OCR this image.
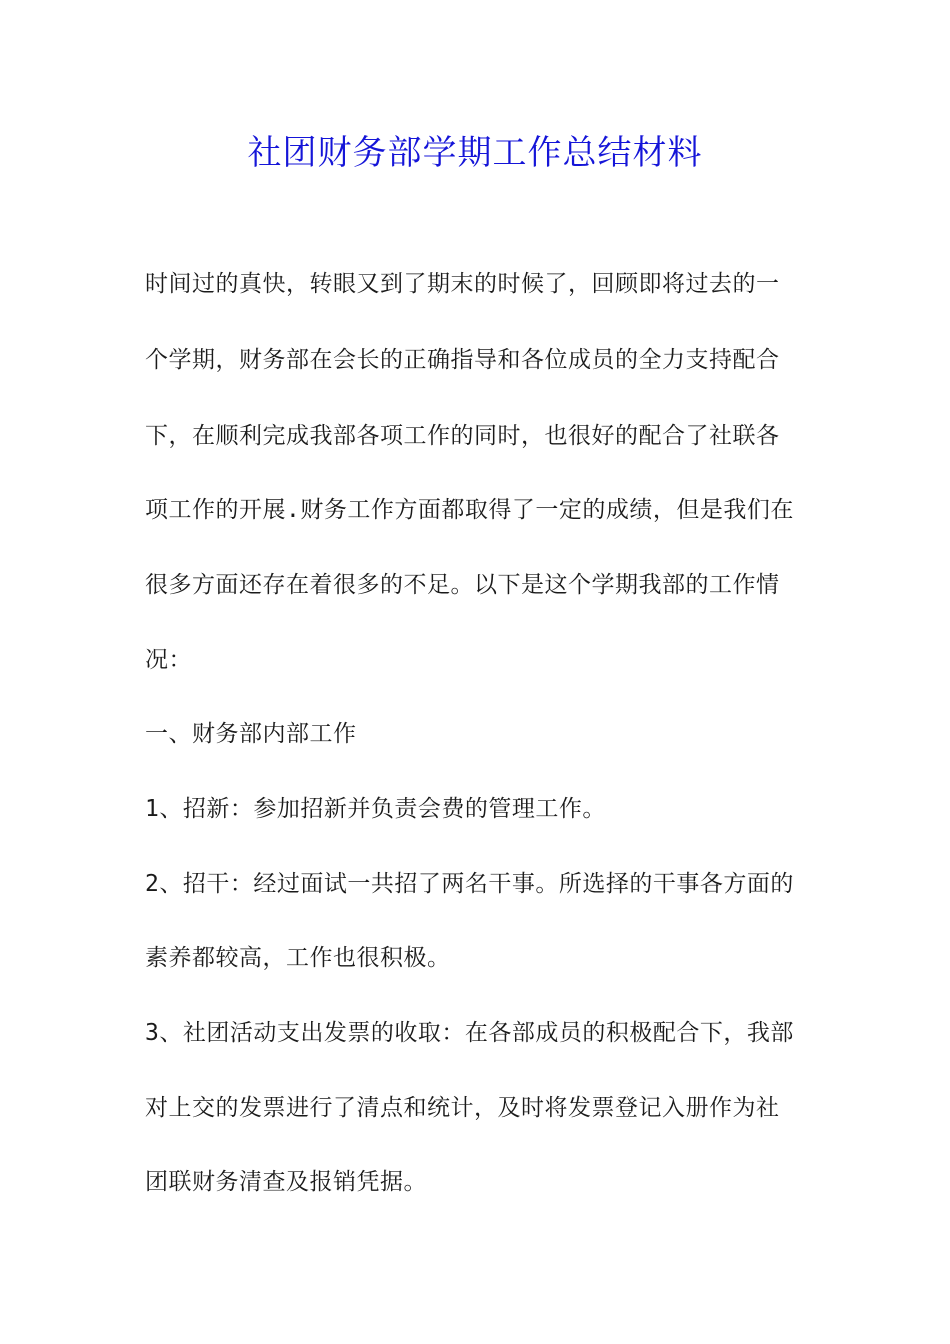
社团财务部学期工作总结材料
时间过的真快，转眼又到了期末的时候了，回顾即将过去的一
个学期，财务部在会长的正确指导和各位成员的全力支持配合
下，在顺利完成我部各项工作的同时，也很好的配合了社联各
项工作的开展.财务工作方面都取得了一定的成绩，但是我们在
很多方面还存在着很多的不足。以下是这个学期我部的工作情
况：
一、财务部内部工作
1、招新：参加招新并负责会费的管理工作。
2、招干：经过面试一共招了两名干事。所选择的干事各方面的
素养都较高，工作也很积极。
3、社团活动支出发票的收取：在各部成员的积极配合下，我部
对上交的发票进行了清点和统计，及时将发票登记入册作为社
团联财务清查及报销凭据。
